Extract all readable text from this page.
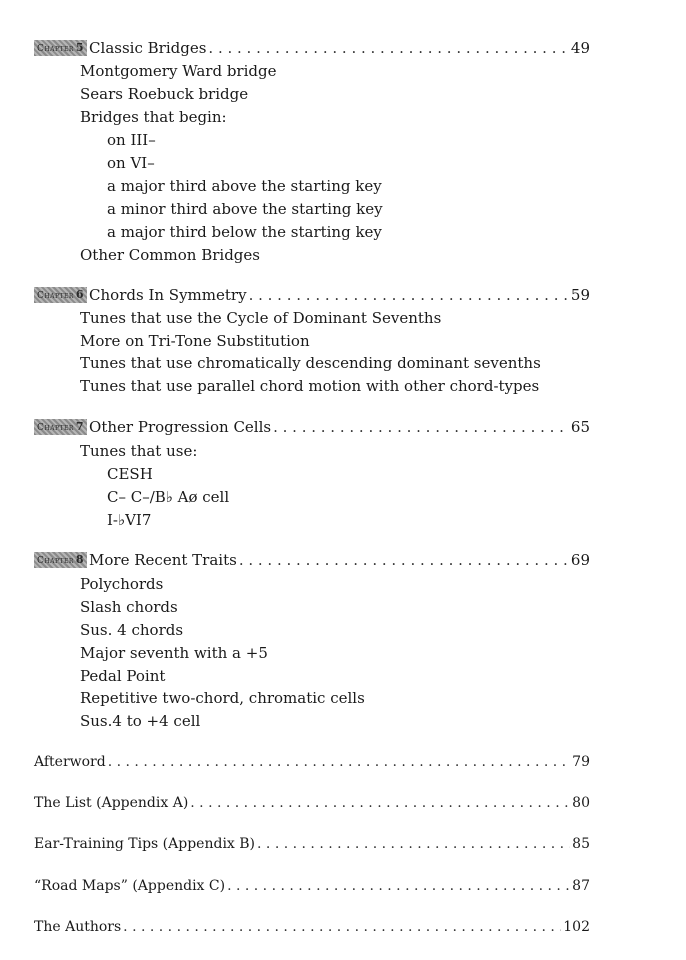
Chapter 5 Classic Bridges . . .	49
Montgomery Ward bridge
Sears Roebuck bridge
Bridges that begin:
on III–
on VI–
a major third above the starting key
a minor third above the starting key
a major third below the starting key
Other Common Bridges
Chapter 6 Chords In Symmetry . . .	59
Tunes that use the Cycle of Dominant Sevenths
More on Tri-Tone Substitution
Tunes that use chromatically descending dominant sevenths
Tunes that use parallel chord motion with other chord-types
Chapter 7 Other Progression Cells . . .	65
Tunes that use:
CESH
C– C–/B♭ Aø cell
I-♭VI7
Chapter 8 More Recent Traits . . .	69
Polychords
Slash chords
Sus. 4 chords
Major seventh with a +5
Pedal Point
Repetitive two-chord, chromatic cells
Sus.4 to +4 cell
Afterword . . .	79
The List (Appendix A) . . .	80
Ear-Training Tips (Appendix B) . . .	85
“Road Maps” (Appendix C) . . .	87
The Authors . . .	102
